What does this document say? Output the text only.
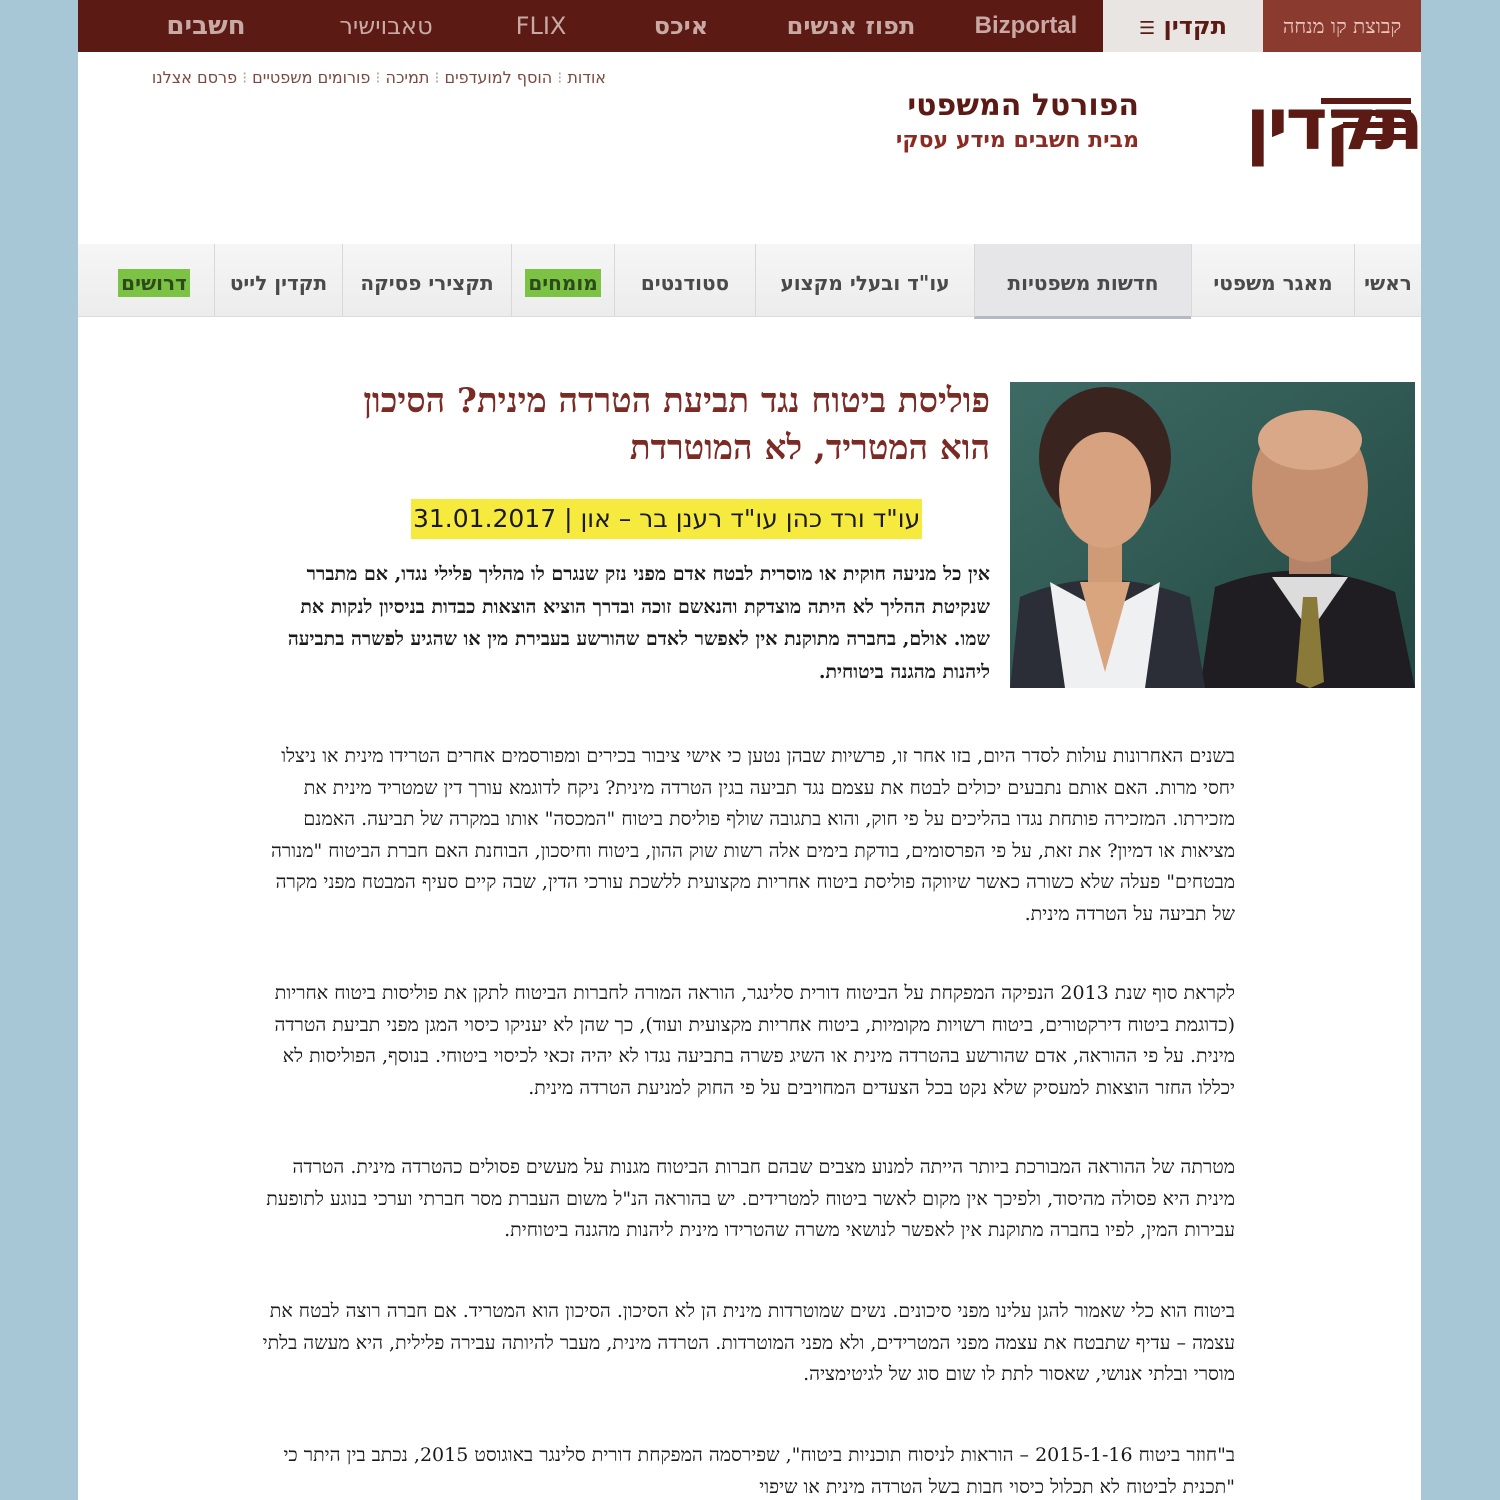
קבוצת קו מנחה
תקדין ☰
Bizportal
תפוז אנשים
איכס
FLIX
טאבוישיר
חשבים
אודות⁝הוסף למועדפים⁝תמיכה⁝פורומים משפטיים⁝פרסם אצלנו
תקדין
הפורטל המשפטי
מבית חשבים מידע עסקי
ראשי
מאגר משפטי
חדשות משפטיות
עו"ד ובעלי מקצוע
סטודנטים
מומחים
תקצירי פסיקה
תקדין לייט
דרושים
פוליסת ביטוח נגד תביעת הטרדה מינית? הסיכון הוא המטריד, לא המוטרדת
עו"ד ורד כהן עו"ד רענן בר – און | 31.01.2017
אין כל מניעה חוקית או מוסרית לבטח אדם מפני נזק שנגרם לו מהליך פלילי נגדו, אם מתברר שנקיטת ההליך לא היתה מוצדקת והנאשם זוכה ובדרך הוציא הוצאות כבדות בניסיון לנקות את שמו. אולם, בחברה מתוקנת אין לאפשר לאדם שהורשע בעבירת מין או שהגיע לפשרה בתביעה ליהנות מהגנה ביטוחית.
בשנים האחרונות עולות לסדר היום, בזו אחר זו, פרשיות שבהן נטען כי אישי ציבור בכירים ומפורסמים אחרים הטרידו מינית או ניצלו יחסי מרות. האם אותם נתבעים יכולים לבטח את עצמם נגד תביעה בגין הטרדה מינית? ניקח לדוגמא עורך דין שמטריד מינית את מזכירתו. המזכירה פותחת נגדו בהליכים על פי חוק, והוא בתגובה שולף פוליסת ביטוח "המכסה" אותו במקרה של תביעה. האמנם מציאות או דמיון? את זאת, על פי הפרסומים, בודקת בימים אלה רשות שוק ההון, ביטוח וחיסכון, הבוחנת האם חברת הביטוח "מנורה מבטחים" פעלה שלא כשורה כאשר שיווקה פוליסת ביטוח אחריות מקצועית ללשכת עורכי הדין, שבה קיים סעיף המבטח מפני מקרה של תביעה על הטרדה מינית.
לקראת סוף שנת 2013 הנפיקה המפקחת על הביטוח דורית סלינגר, הוראה המורה לחברות הביטוח לתקן את פוליסות ביטוח אחריות (כדוגמת ביטוח דירקטורים, ביטוח רשויות מקומיות, ביטוח אחריות מקצועית ועוד), כך שהן לא יעניקו כיסוי המגן מפני תביעת הטרדה מינית. על פי ההוראה, אדם שהורשע בהטרדה מינית או השיג פשרה בתביעה נגדו לא יהיה זכאי לכיסוי ביטוחי. בנוסף, הפוליסות לא יכללו החזר הוצאות למעסיק שלא נקט בכל הצעדים המחויבים על פי החוק למניעת הטרדה מינית.
מטרתה של ההוראה המבורכת ביותר הייתה למנוע מצבים שבהם חברות הביטוח מגנות על מעשים פסולים כהטרדה מינית. הטרדה מינית היא פסולה מהיסוד, ולפיכך אין מקום לאשר ביטוח למטרידים. יש בהוראה הנ"ל משום העברת מסר חברתי וערכי בנוגע לתופעת עבירות המין, לפיו בחברה מתוקנת אין לאפשר לנושאי משרה שהטרידו מינית ליהנות מהגנה ביטוחית.
ביטוח הוא כלי שאמור להגן עלינו מפני סיכונים. נשים שמוטרדות מינית הן לא הסיכון. הסיכון הוא המטריד. אם חברה רוצה לבטח את עצמה – עדיף שתבטח את עצמה מפני המטרידים, ולא מפני המוטרדות. הטרדה מינית, מעבר להיותה עבירה פלילית, היא מעשה בלתי מוסרי ובלתי אנושי, שאסור לתת לו שום סוג של לגיטימציה.
ב"חוזר ביטוח 2015-1-16 – הוראות לניסוח תוכניות ביטוח", שפירסמה המפקחת דורית סלינגר באוגוסט 2015, נכתב בין היתר כי "תכנית לביטוח לא תכלול כיסוי חבות בשל הטרדה מינית או שיפוי
